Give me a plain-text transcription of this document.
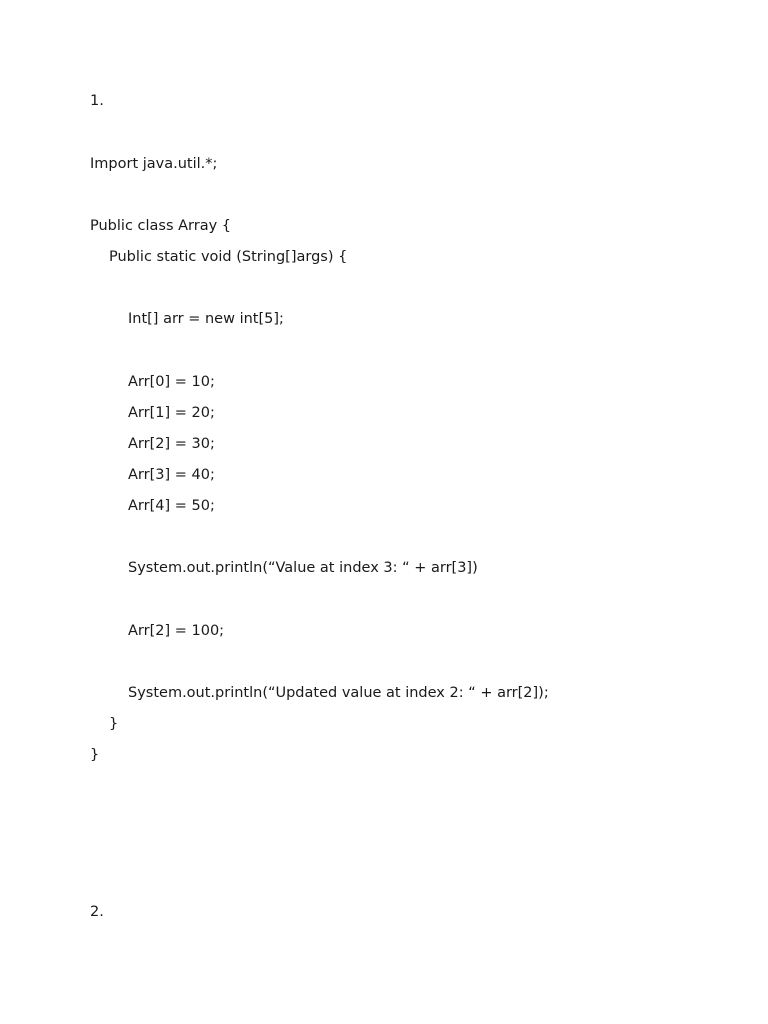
1.
Import java.util.*;
Public class Array {
Public static void (String[]args) {
Int[] arr = new int[5];
Arr[0] = 10;
Arr[1] = 20;
Arr[2] = 30;
Arr[3] = 40;
Arr[4] = 50;
System.out.println(“Value at index 3: “ + arr[3])
Arr[2] = 100;
System.out.println(“Updated value at index 2: “ + arr[2]);
}
}
2.
